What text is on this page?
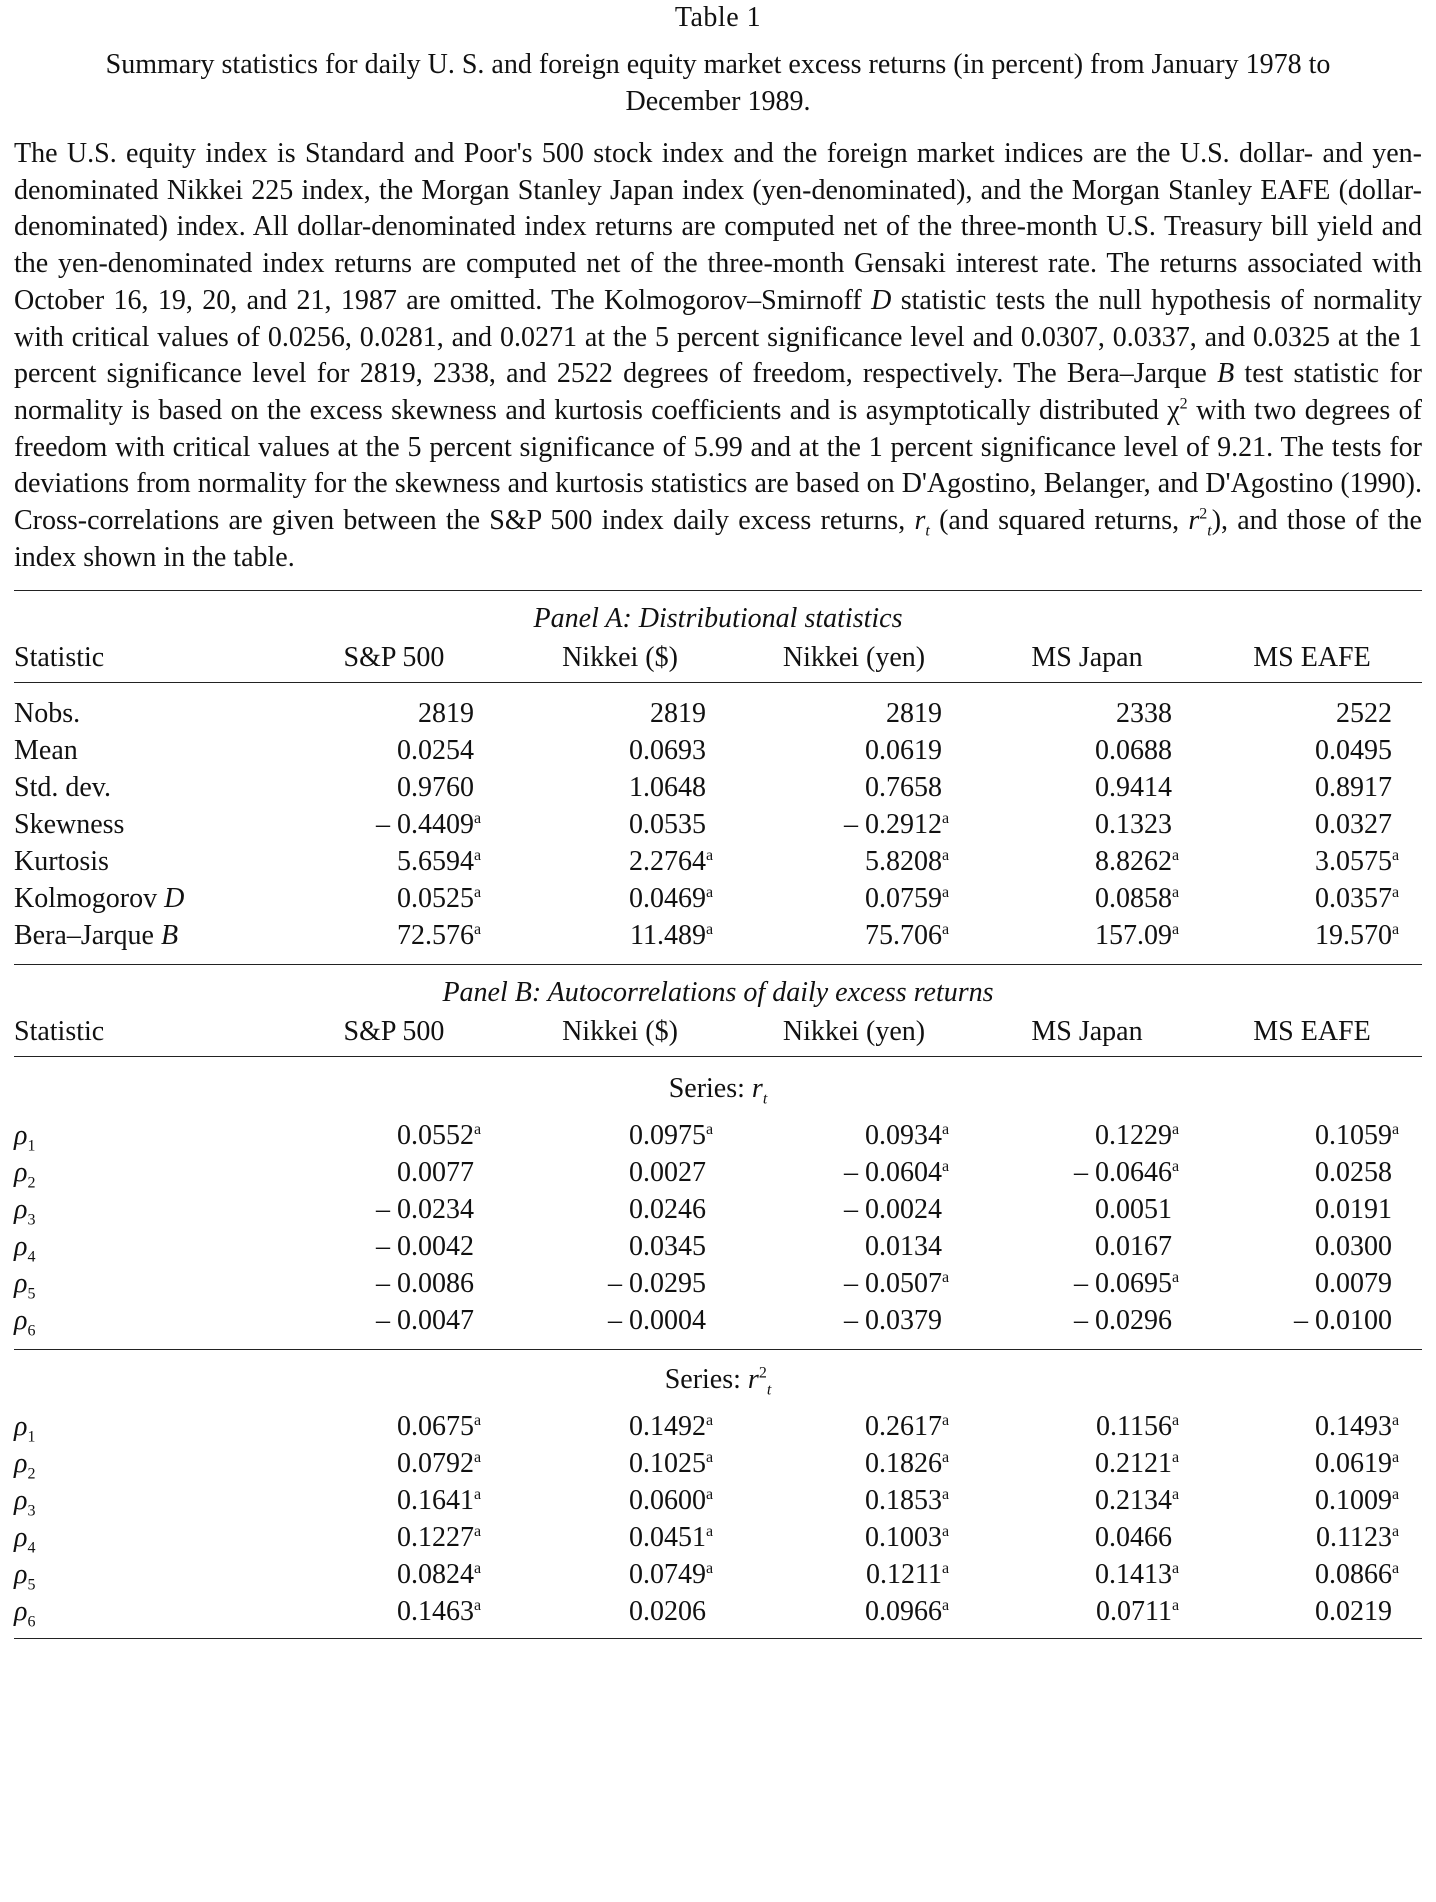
Table 1
Summary statistics for daily U. S. and foreign equity market excess returns (in percent) from January 1978 to December 1989.
The U.S. equity index is Standard and Poor's 500 stock index and the foreign market indices are the U.S. dollar- and yen-denominated Nikkei 225 index, the Morgan Stanley Japan index (yen-denominated), and the Morgan Stanley EAFE (dollar-denominated) index. All dollar-denominated index returns are computed net of the three-month U.S. Treasury bill yield and the yen-denominated index returns are computed net of the three-month Gensaki interest rate. The returns associated with October 16, 19, 20, and 21, 1987 are omitted. The Kolmogorov–Smirnoff D statistic tests the null hypothesis of normality with critical values of 0.0256, 0.0281, and 0.0271 at the 5 percent significance level and 0.0307, 0.0337, and 0.0325 at the 1 percent significance level for 2819, 2338, and 2522 degrees of freedom, respectively. The Bera–Jarque B test statistic for normality is based on the excess skewness and kurtosis coefficients and is asymptotically distributed $\chi^2$ with two degrees of freedom with critical values at the 5 percent significance of 5.99 and at the 1 percent significance level of 9.21. The tests for deviations from normality for the skewness and kurtosis statistics are based on D'Agostino, Belanger, and D'Agostino (1990). Cross-correlations are given between the S&P 500 index daily excess returns, $r_t$ (and squared returns, $r^2_t$), and those of the index shown in the table.
Panel A: Distributional statistics
Statistic	S&P 500	Nikkei ($)	Nikkei (yen)	MS Japan	MS EAFE
Nobs.	2819	2819	2819	2338	2522
Mean	0.0254	0.0693	0.0619	0.0688	0.0495
Std. dev.	0.9760	1.0648	0.7658	0.9414	0.8917
Skewness	– 0.4409$^a$	0.0535	– 0.2912$^a$	0.1323	0.0327
Kurtosis	5.6594$^a$	2.2764$^a$	5.8208$^a$	8.8262$^a$	3.0575$^a$
Kolmogorov D	0.0525$^a$	0.0469$^a$	0.0759$^a$	0.0858$^a$	0.0357$^a$
Bera–Jarque B	72.576$^a$	11.489$^a$	75.706$^a$	157.09$^a$	19.570$^a$
Panel B: Autocorrelations of daily excess returns
Statistic	S&P 500	Nikkei ($)	Nikkei (yen)	MS Japan	MS EAFE
Series: $r_t$
$\rho_1$	0.0552$^a$	0.0975$^a$	0.0934$^a$	0.1229$^a$	0.1059$^a$
$\rho_2$	0.0077	0.0027	– 0.0604$^a$	– 0.0646$^a$	0.0258
$\rho_3$	– 0.0234	0.0246	– 0.0024	0.0051	0.0191
$\rho_4$	– 0.0042	0.0345	0.0134	0.0167	0.0300
$\rho_5$	– 0.0086	– 0.0295	– 0.0507$^a$	– 0.0695$^a$	0.0079
$\rho_6$	– 0.0047	– 0.0004	– 0.0379	– 0.0296	– 0.0100
Series: $r^2_t$
$\rho_1$	0.0675$^a$	0.1492$^a$	0.2617$^a$	0.1156$^a$	0.1493$^a$
$\rho_2$	0.0792$^a$	0.1025$^a$	0.1826$^a$	0.2121$^a$	0.0619$^a$
$\rho_3$	0.1641$^a$	0.0600$^a$	0.1853$^a$	0.2134$^a$	0.1009$^a$
$\rho_4$	0.1227$^a$	0.0451$^a$	0.1003$^a$	0.0466	0.1123$^a$
$\rho_5$	0.0824$^a$	0.0749$^a$	0.1211$^a$	0.1413$^a$	0.0866$^a$
$\rho_6$	0.1463$^a$	0.0206	0.0966$^a$	0.0711$^a$	0.0219
